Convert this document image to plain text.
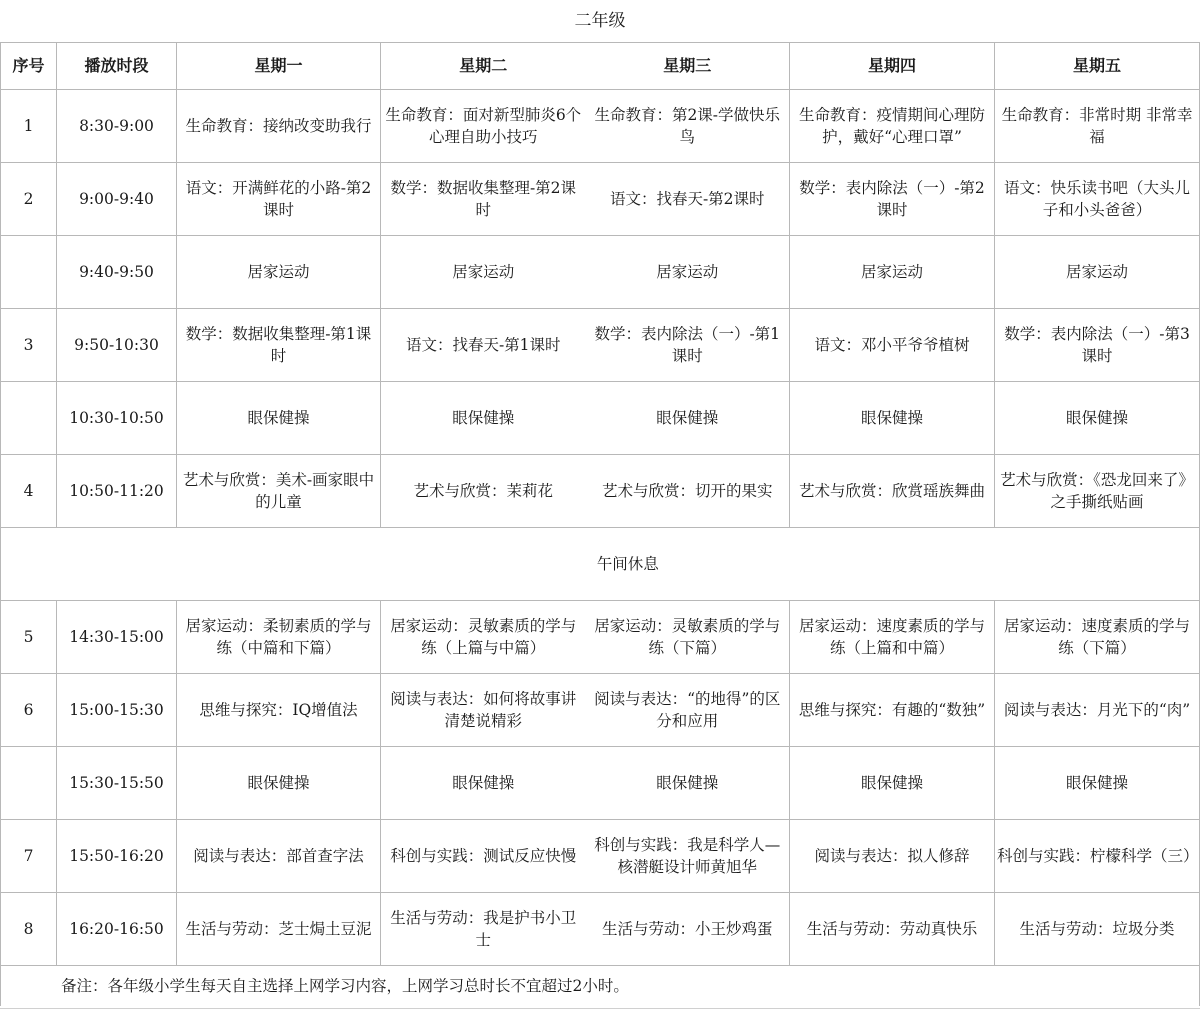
二年级						
序号	播放时段	星期一	星期二	星期三	星期四	星期五
1	8:30-9:00	生命教育：接纳改变助我行	生命教育：面对新型肺炎6个心理自助小技巧	生命教育：第2课-学做快乐鸟	生命教育：疫情期间心理防护，戴好“心理口罩”	生命教育：非常时期 非常幸福
2	9:00-9:40	语文：开满鲜花的小路-第2课时	数学：数据收集整理-第2课时	语文：找春天-第2课时	数学：表内除法（一）-第2课时	语文：快乐读书吧（大头儿子和小头爸爸）
	9:40-9:50	居家运动	居家运动	居家运动	居家运动	居家运动
3	9:50-10:30	数学：数据收集整理-第1课时	语文：找春天-第1课时	数学：表内除法（一）-第1课时	语文：邓小平爷爷植树	数学：表内除法（一）-第3课时
	10:30-10:50	眼保健操	眼保健操	眼保健操	眼保健操	眼保健操
4	10:50-11:20	艺术与欣赏：美术-画家眼中的儿童	艺术与欣赏：茉莉花	艺术与欣赏：切开的果实	艺术与欣赏：欣赏瑶族舞曲	艺术与欣赏：《恐龙回来了》之手撕纸贴画
	午间休息					
5	14:30-15:00	居家运动：柔韧素质的学与练（中篇和下篇）	居家运动：灵敏素质的学与练（上篇与中篇）	居家运动：灵敏素质的学与练（下篇）	居家运动：速度素质的学与练（上篇和中篇）	居家运动：速度素质的学与练（下篇）
6	15:00-15:30	思维与探究：IQ增值法	阅读与表达：如何将故事讲清楚说精彩	阅读与表达：“的地得”的区分和应用	思维与探究：有趣的“数独”	阅读与表达：月光下的“肉”
	15:30-15:50	眼保健操	眼保健操	眼保健操	眼保健操	眼保健操
7	15:50-16:20	阅读与表达：部首查字法	科创与实践：测试反应快慢	科创与实践：我是科学人—核潜艇设计师黄旭华	阅读与表达：拟人修辞	科创与实践：柠檬科学（三）
8	16:20-16:50	生活与劳动：芝士焗土豆泥	生活与劳动：我是护书小卫士	生活与劳动：小王炒鸡蛋	生活与劳动：劳动真快乐	生活与劳动：垃圾分类
备注：各年级小学生每天自主选择上网学习内容，上网学习总时长不宜超过2小时。						
